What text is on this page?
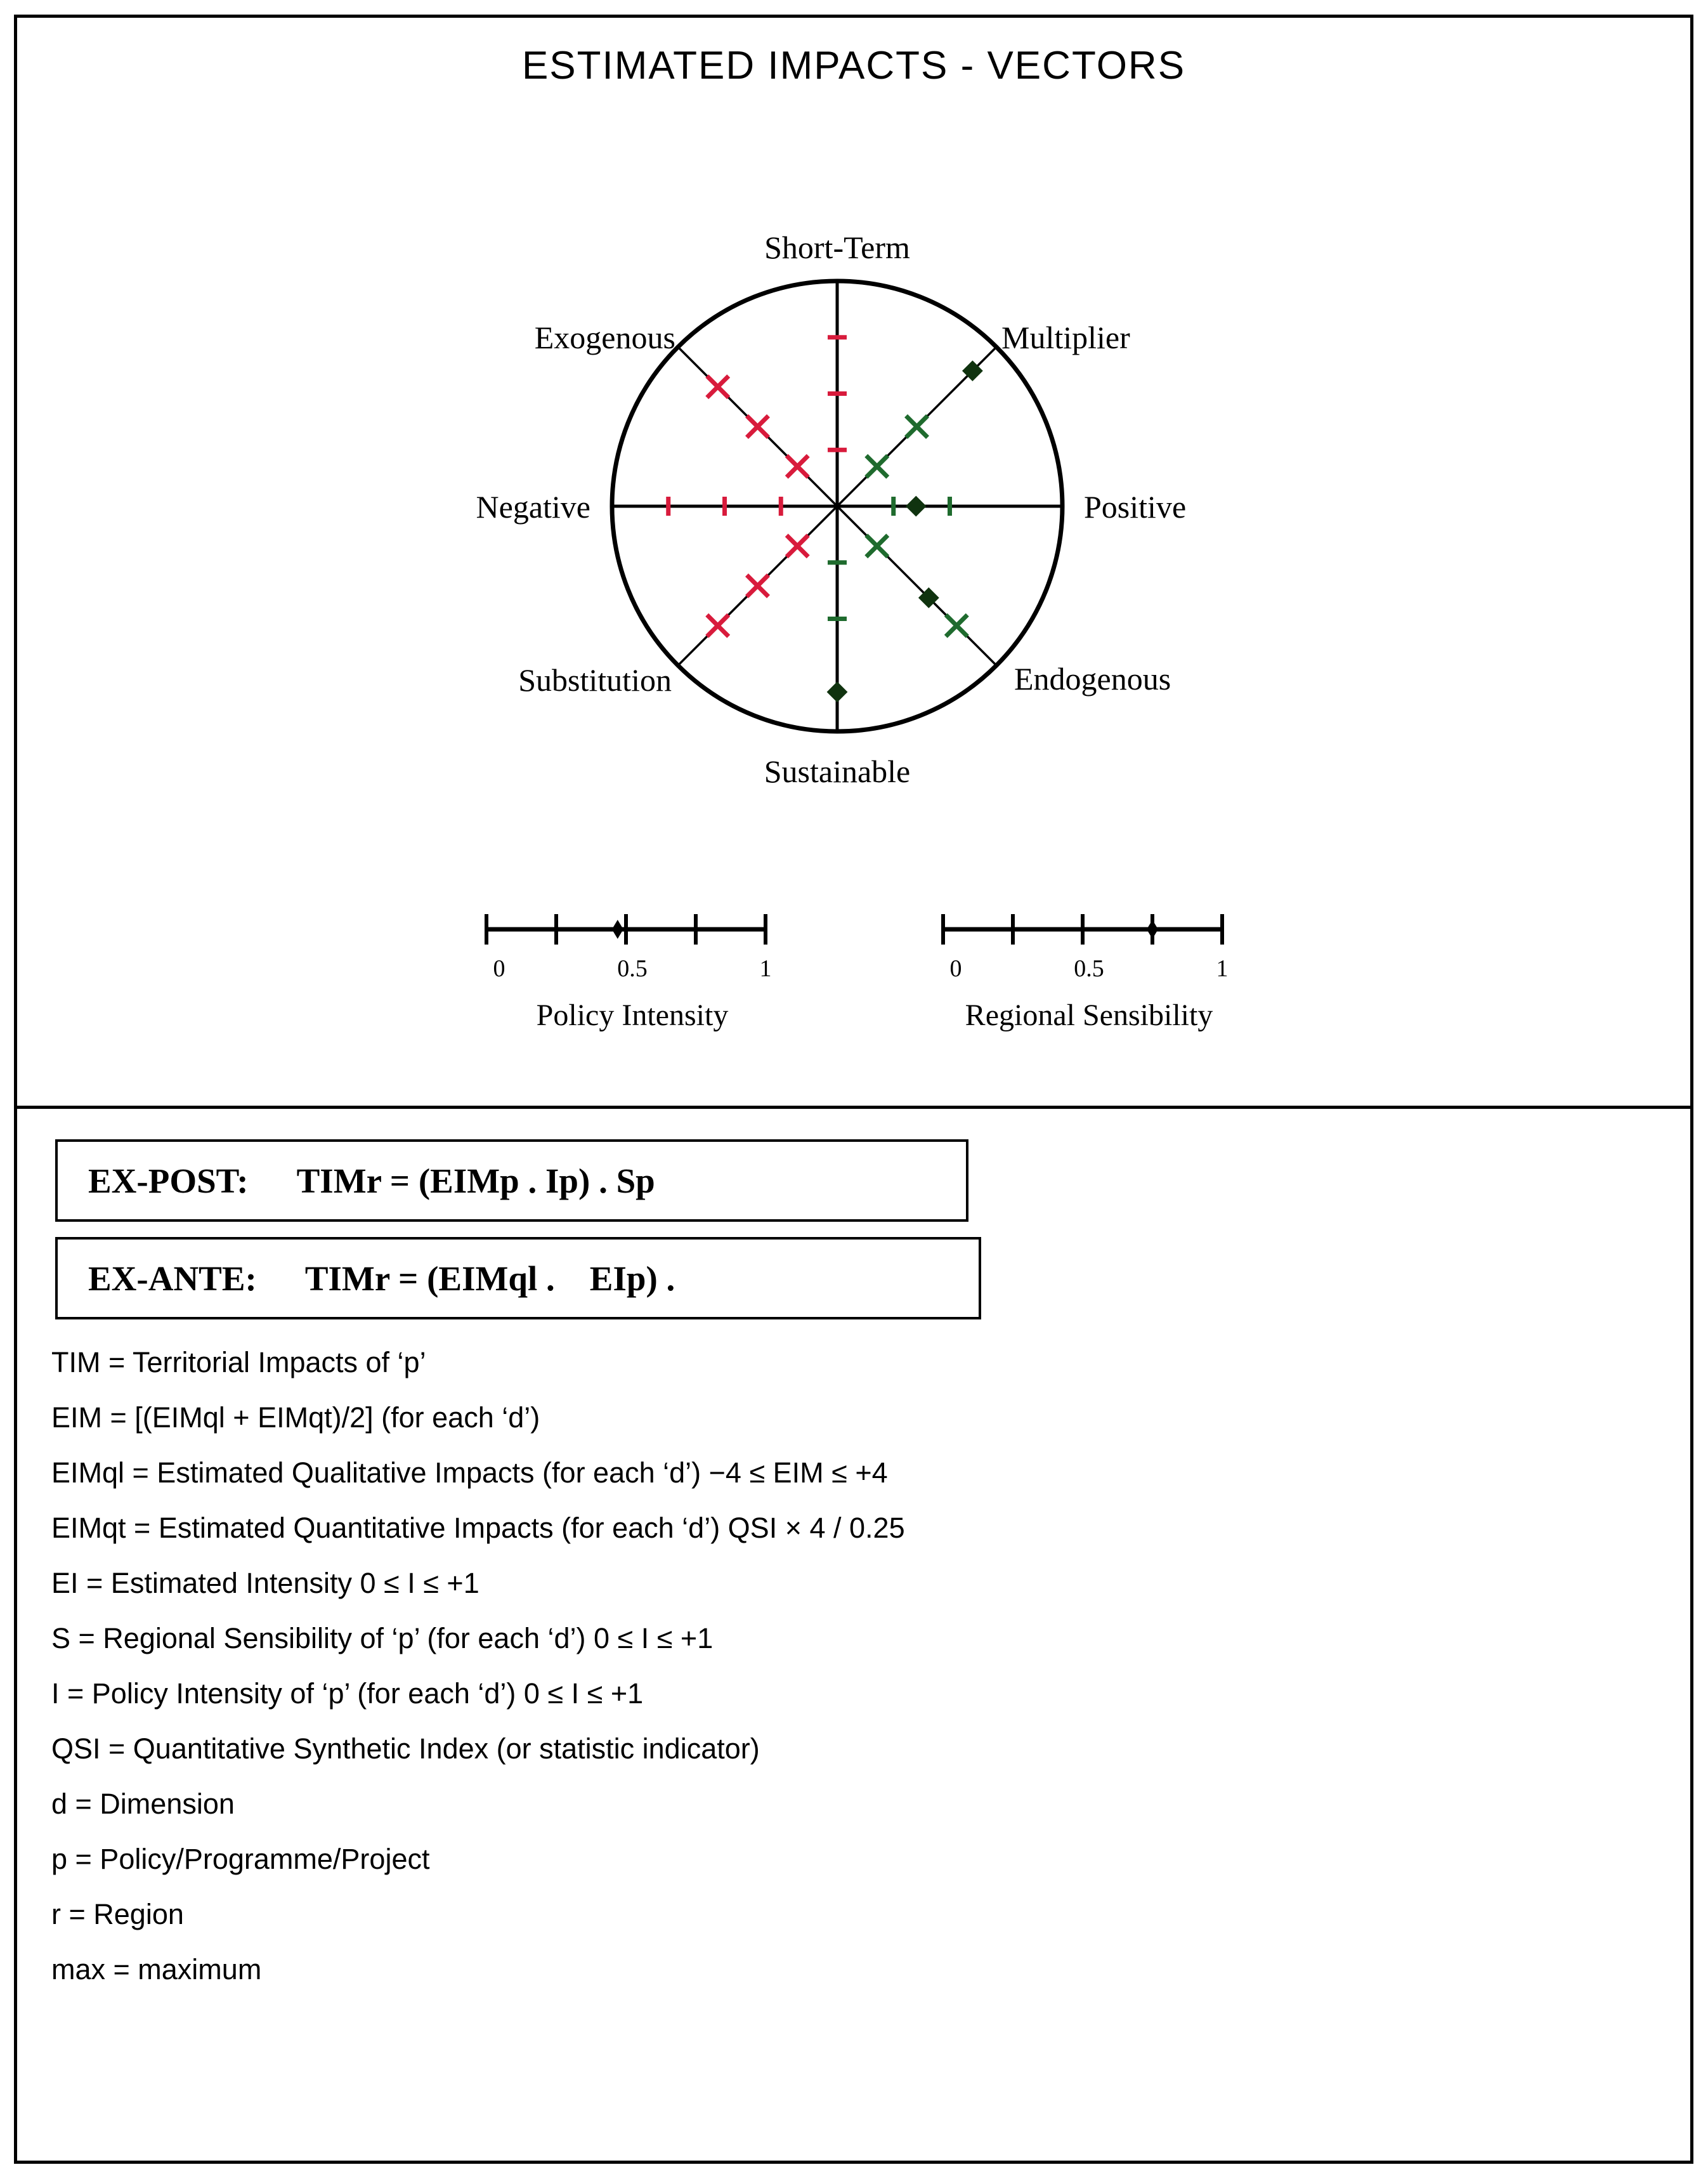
ESTIMATED IMPACTS - VECTORS
Short-Term
Multiplier
Positive
Endogenous
Sustainable
Substitution
Negative
Exogenous
0	0.5	1
Policy Intensity
0	0.5	1
Regional Sensibility
EX-POST:	TIMr = (EIMp . Ip) . Sp
EX-ANTE:	TIMr = (EIMql .    EIp) .
TIM = Territorial Impacts of ‘p’
EIM = [(EIMql + EIMqt)/2] (for each ‘d’)
EIMql = Estimated Qualitative Impacts (for each ‘d’) −4 ≤ EIM ≤ +4
EIMqt = Estimated Quantitative Impacts (for each ‘d’) QSI × 4 / 0.25
EI = Estimated Intensity 0 ≤ I ≤ +1
S = Regional Sensibility of ‘p’ (for each ‘d’) 0 ≤ I ≤ +1
I = Policy Intensity of ‘p’ (for each ‘d’) 0 ≤ I ≤ +1
QSI = Quantitative Synthetic Index (or statistic indicator)
d = Dimension
p = Policy/Programme/Project
r = Region
max = maximum
